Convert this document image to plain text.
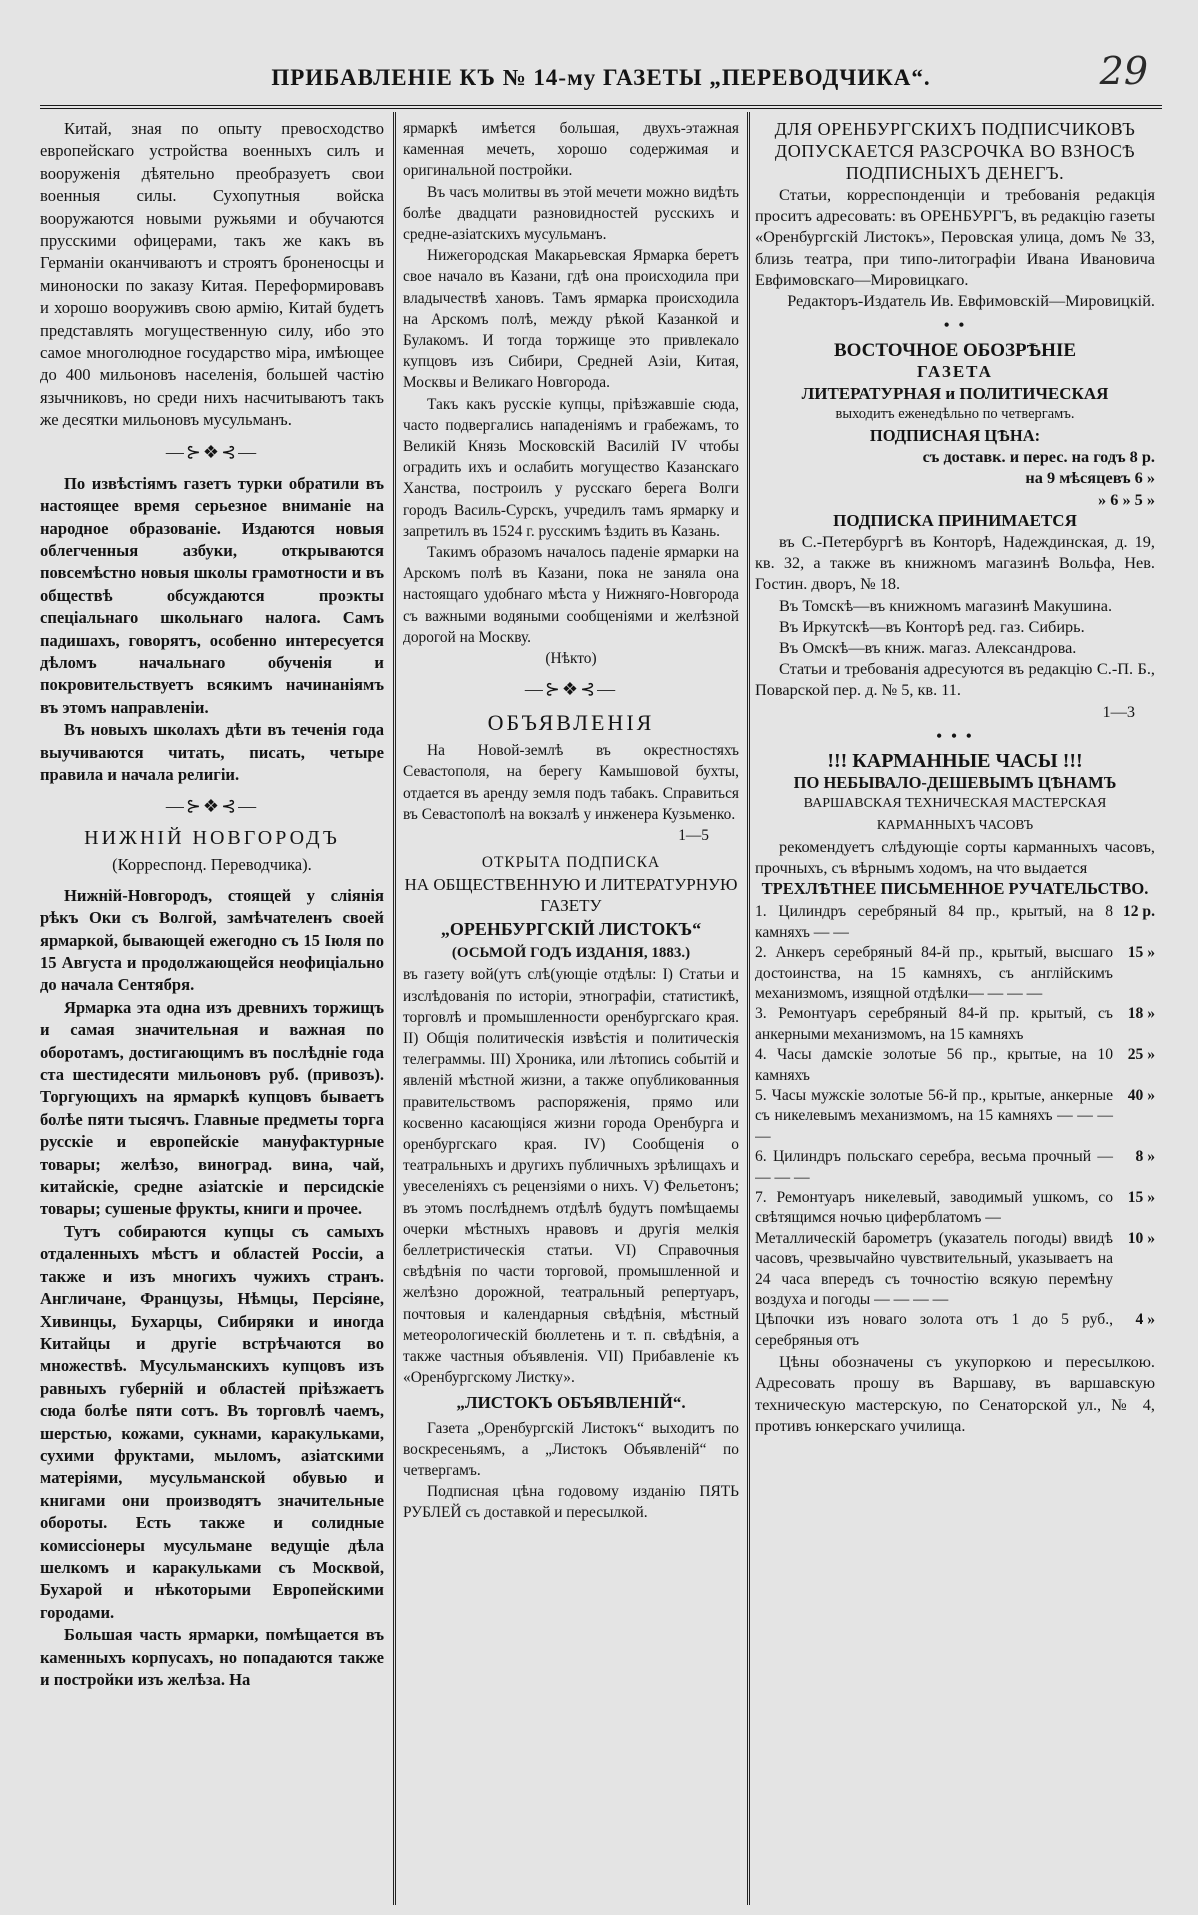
ПРИБАВЛЕНІЕ КЪ № 14-му ГАЗЕТЫ „ПЕРЕВОДЧИКА“.	29

Китай, зная по опыту превосходство европейскаго устройства военныхъ силъ и вооруженія дѣятельно преобразуетъ свои военныя силы. Сухопутныя войска вооружаются новыми ружьями и обучаются прусскими офицерами, такъ же какъ въ Германіи оканчиваютъ и строятъ броненосцы и миноноски по заказу Китая. Переформировавъ и хорошо вооруживъ свою армію, Китай будетъ представлять могущественную силу, ибо это самое многолюдное государство міра, имѣющее до 400 мильоновъ населенія, большей частію язычниковъ, но среди нихъ насчитываютъ такъ же десятки мильоновъ мусульманъ.

—⊱❖⊰—

По извѣстіямъ газетъ турки обратили въ настоящее время серьезное вниманіе на народное образованіе. Издаются новыя облегченныя азбуки, открываются повсемѣстно новыя школы грамотности и въ обществѣ обсуждаются проэкты спеціальнаго школьнаго налога. Самъ падишахъ, говорятъ, особенно интересуется дѣломъ начальнаго обученія и покровительствуетъ всякимъ начинаніямъ въ этомъ направленіи.

Въ новыхъ школахъ дѣти въ теченія года выучиваются читать, писать, четыре правила и начала религіи.

—⊱❖⊰—
НИЖНІЙ НОВГОРОДЪ

(Корреспонд. Переводчика).

Нижній-Новгородъ, стоящей у сліянія рѣкъ Оки съ Волгой, замѣчателенъ своей ярмаркой, бывающей ежегодно съ 15 Іюля по 15 Августа и продолжающейся неофиціально до начала Сентября.

Ярмарка эта одна изъ древнихъ торжищъ и самая значительная и важная по оборотамъ, достигающимъ въ послѣдніе года ста шестидесяти мильоновъ руб. (привозъ). Торгующихъ на ярмаркѣ купцовъ бываетъ болѣе пяти тысячъ. Главные предметы торга русскіе и европейскіе мануфактурные товары; желѣзо, виноград. вина, чай, китайскіе, средне азіатскіе и персидскіе товары; сушеные фрукты, книги и прочее.

Тутъ собираются купцы съ самыхъ отдаленныхъ мѣстъ и областей Россіи, а также и изъ многихъ чужихъ странъ. Англичане, Французы, Нѣмцы, Персіяне, Хивинцы, Бухарцы, Сибиряки и иногда Китайцы и другіе встрѣчаются во множествѣ. Мусульманскихъ купцовъ изъ равныхъ губерній и областей пріѣзжаетъ сюда болѣе пяти сотъ. Въ торговлѣ чаемъ, шерстью, кожами, сукнами, каракульками, сухими фруктами, мыломъ, азіатскими матеріями, мусульманской обувью и книгами они производятъ значительные обороты. Есть также и солидные комиссіонеры мусульмане ведущіе дѣла шелкомъ и каракульками съ Москвой, Бухарой и нѣкоторыми Европейскими городами.

Большая часть ярмарки, помѣщается въ каменныхъ корпусахъ, но попадаются также и постройки изъ желѣза. На

ярмаркѣ имѣется большая, двухъ-этажная каменная мечеть, хорошо содержимая и оригинальной постройки.

Въ часъ молитвы въ этой мечети можно видѣть болѣе двадцати разновидностей русскихъ и средне-азіатскихъ мусульманъ.

Нижегородская Макарьевская Ярмарка беретъ свое начало въ Казани, гдѣ она происходила при владычествѣ хановъ. Тамъ ярмарка происходила на Арскомъ полѣ, между рѣкой Казанкой и Булакомъ. И тогда торжище это привлекало купцовъ изъ Сибири, Средней Азіи, Китая, Москвы и Великаго Новгорода.

Такъ какъ русскіе купцы, пріѣзжавшіе сюда, часто подвергались нападеніямъ и грабежамъ, то Великій Князь Московскій Василій IV чтобы оградить ихъ и ослабить могущество Казанскаго Ханства, построилъ у русскаго берега Волги городъ Василь-Сурскъ, учредилъ тамъ ярмарку и запретилъ въ 1524 г. русскимъ ѣздить въ Казань.

Такимъ образомъ началось паденіе ярмарки на Арскомъ полѣ въ Казани, пока не заняла она настоящаго удобнаго мѣста у Нижняго-Новгорода съ важными водяными сообщеніями и желѣзной дорогой на Москву.

(Нѣкто)

—⊱❖⊰—
ОБЪЯВЛЕНІЯ

На Новой-землѣ въ окрестностяхъ Севастополя, на берегу Камышовой бухты, отдается въ аренду земля подъ табакъ. Справиться въ Севастополѣ на вокзалѣ у инженера Кузьменко.

1—5

ОТКРЫТА ПОДПИСКА

НА ОБЩЕСТВЕННУЮ И ЛИТЕРАТУРНУЮ ГАЗЕТУ

„ОРЕНБУРГСКІЙ ЛИСТОКЪ“

(ОСЬМОЙ ГОДЪ ИЗДАНІЯ, 1883.)

въ газету вой(утъ слѣ(ующіе отдѣлы: І) Статьи и изслѣдованія по исторіи, этнографіи, статистикѣ, торговлѣ и промышленности оренбургскаго края. ІІ) Общія политическія извѣстія и политическія телеграммы. ІІІ) Хроника, или лѣтопись событій и явленій мѣстной жизни, а также опубликованныя правительствомъ распоряженія, прямо или косвенно касающіяся жизни города Оренбурга и оренбургскаго края. ІV) Сообщенія о театральныхъ и другихъ публичныхъ зрѣлищахъ и увеселеніяхъ съ рецензіями о нихъ. V) Фельетонъ; въ этомъ послѣднемъ отдѣлѣ будутъ помѣщаемы очерки мѣстныхъ нравовъ и другія мелкія беллетристическія статьи. VІ) Справочныя свѣдѣнія по части торговой, промышленной и желѣзно дорожной, театральный репертуаръ, почтовыя и календарныя свѣдѣнія, мѣстный метеорологическій бюллетень и т. п. свѣдѣнія, а также частныя объявленія. VІІ) Прибавленіе къ «Оренбургскому Листку».

„ЛИСТОКЪ ОБЪЯВЛЕНІЙ“.

Газета „Оренбургскій Листокъ“ выходитъ по воскресеньямъ, а „Листокъ Объявленій“ по четвергамъ.

Подписная цѣна годовому изданію ПЯТЬ РУБЛЕЙ съ доставкой и пересылкой.

ДЛЯ ОРЕНБУРГСКИХЪ ПОДПИСЧИКОВЪ ДОПУСКАЕТСЯ РАЗСРОЧКА ВО ВЗНОСѢ ПОДПИСНЫХЪ ДЕНЕГЪ.

Статьи, корреспонденціи и требованія редакція проситъ адресовать: въ ОРЕНБУРГЪ, въ редакцію газеты «Оренбургскій Листокъ», Перовская улица, домъ № 33, близь театра, при типо-литографіи Ивана Ивановича Евфимовскаго—Мировицкаго.

Редакторъ-Издатель Ив. Евфимовскій—Мировицкій.

• •

ВОСТОЧНОЕ ОБОЗРѢНІЕ

ГАЗЕТА

ЛИТЕРАТУРНАЯ и ПОЛИТИЧЕСКАЯ

выходитъ еженедѣльно по четвергамъ.

ПОДПИСНАЯ ЦѢНА:

съ доставк. и перес. на годъ 8 р.

на 9 мѣсяцевъ 6 »

» 6 » 5 »

ПОДПИСКА ПРИНИМАЕТСЯ

въ С.-Петербургѣ въ Конторѣ, Надеждинская, д. 19, кв. 32, а также въ книжномъ магазинѣ Вольфа, Нев. Гостин. дворъ, № 18.

Въ Томскѣ—въ книжномъ магазинѣ Макушина.

Въ Иркутскѣ—въ Конторѣ ред. газ. Сибирь.

Въ Омскѣ—въ книж. магаз. Александрова.

Статьи и требованія адресуются въ редакцію С.-П. Б., Поварской пер. д. № 5, кв. 11.

1—3

• • •

!!! КАРМАННЫЕ ЧАСЫ !!!

ПО НЕБЫВАЛО-ДЕШЕВЫМЪ ЦѢНАМЪ

ВАРШАВСКАЯ ТЕХНИЧЕСКАЯ МАСТЕРСКАЯ

КАРМАННЫХЪ ЧАСОВЪ

рекомендуетъ слѣдующіе сорты карманныхъ часовъ, прочныхъ, съ вѣрнымъ ходомъ, на что выдается

ТРЕХЛѢТНЕЕ ПИСЬМЕННОЕ РУЧАТЕЛЬСТВО.

1. Цилиндръ серебряный 84 пр., крытый, на 8 камняхъ — —
12 р.
2. Анкеръ серебряный 84-й пр., крытый, высшаго достоинства, на 15 камняхъ, съ англійскимъ механизмомъ, изящной отдѣлки— — — —
15 »
3. Ремонтуаръ серебряный 84-й пр. крытый, съ анкерными механизмомъ, на 15 камняхъ
18 »
4. Часы дамскіе золотые 56 пр., крытые, на 10 камняхъ
25 »
5. Часы мужскіе золотые 56-й пр., крытые, анкерные съ никелевымъ механизмомъ, на 15 камняхъ — — — —
40 »
6. Цилиндръ польскаго серебра, весьма прочный — — — —
8 »
7. Ремонтуаръ никелевый, заводимый ушкомъ, со свѣтящимся ночью циферблатомъ —
15 »
Металлическій барометръ (указатель погоды) ввидѣ часовъ, чрезвычайно чувствительный, указываетъ на 24 часа впередъ съ точностію всякую перемѣну воздуха и погоды — — — —
10 »
Цѣпочки изъ новаго золота отъ 1 до 5 руб., серебряныя отъ
4 »

Цѣны обозначены съ укупоркою и пересылкою. Адресовать прошу въ Варшаву, въ варшавскую техническую мастерскую, по Сенаторской ул., № 4, противъ юнкерскаго училища.
